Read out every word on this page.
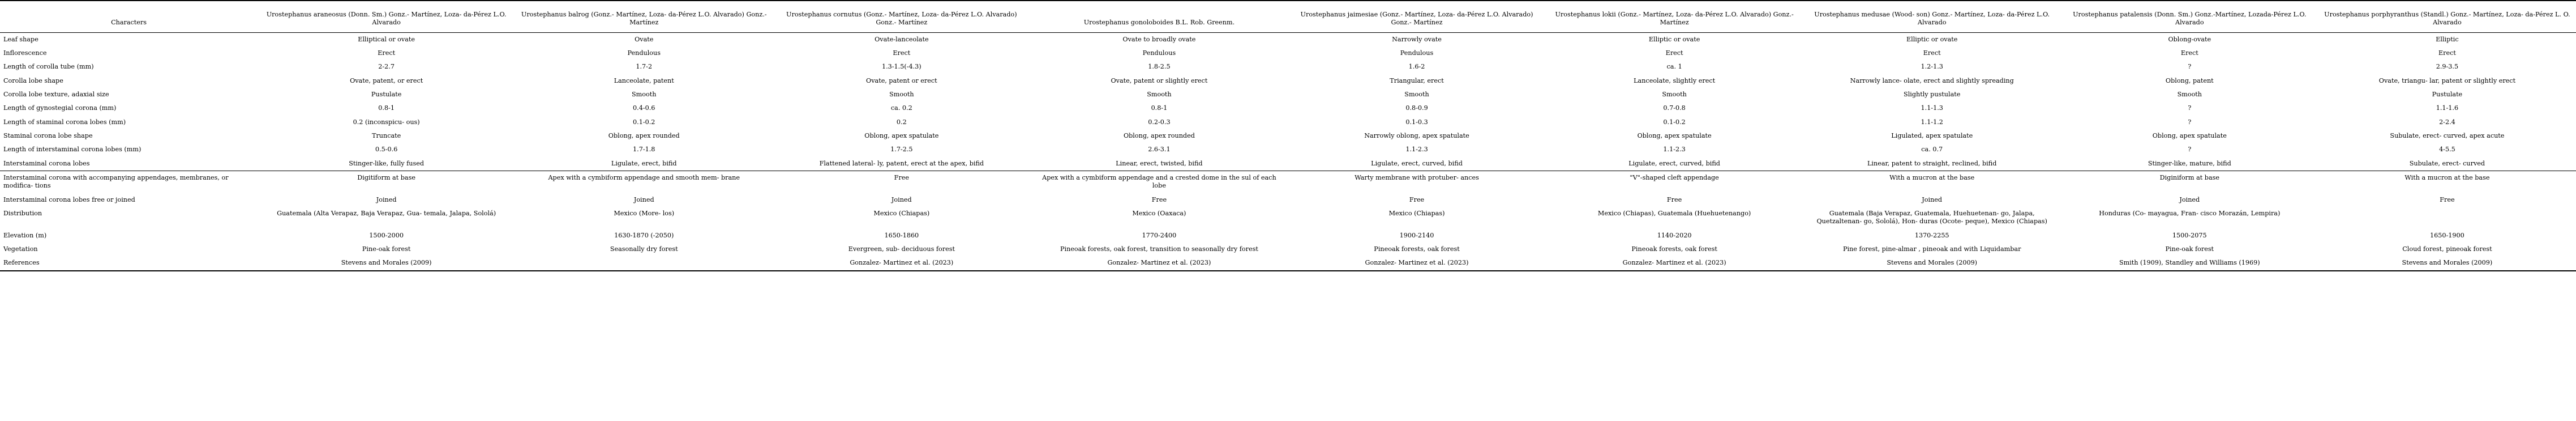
Characters	Urostephanus araneosus (Donn. Sm.) Gonz.- Martínez, Loza- da-Pérez L.O. Alvarado	Urostephanus balrog (Gonz.- Martínez, Loza- da-Pérez L.O. Alvarado) Gonz.- Martínez	Urostephanus cornutus (Gonz.- Martínez, Loza- da-Pérez L.O. Alvarado) Gonz.- Martínez	Urostephanus gonoloboides B.L. Rob. Greenm.	Urostephanus jaimesiae (Gonz.- Martínez, Loza- da-Pérez L.O. Alvarado) Gonz.- Martínez	Urostephanus lokii (Gonz.- Martínez, Loza- da-Pérez L.O. Alvarado) Gonz.- Martínez	Urostephanus medusae (Wood- son) Gonz.- Martínez, Loza- da-Pérez L.O. Alvarado	Urostephanus patalensis (Donn. Sm.) Gonz.-Martínez, Lozada-Pérez L.O. Alvarado	Urostephanus porphyranthus (Standl.) Gonz.- Martínez, Loza- da-Pérez L. O. Alvarado

Leaf shape	Elliptical or ovate	Ovate	Ovate-lanceolate	Ovate to broadly ovate	Narrowly ovate	Elliptic or ovate	Elliptic or ovate	Oblong-ovate	Elliptic
Inflorescence	Erect	Pendulous	Erect	Pendulous	Pendulous	Erect	Erect	Erect	Erect
Length of corolla tube (mm)	2-2.7	1.7-2	1.3-1.5(-4.3)	1.8-2.5	1.6-2	ca. 1	1.2-1.3	?	2.9-3.5
Corolla lobe shape	Ovate, patent, or erect	Lanceolate, patent	Ovate, patent or erect	Ovate, patent or slightly erect	Triangular, erect	Lanceolate, slightly erect	Narrowly lance- olate, erect and slightly spreading	Oblong, patent	Ovate, triangu- lar, patent or slightly erect
Corolla lobe texture, adaxial size	Pustulate	Smooth	Smooth	Smooth	Smooth	Smooth	Slightly pustulate	Smooth	Pustulate
Length of gynostegial corona (mm)	0.8-1	0.4-0.6	ca. 0.2	0.8-1	0.8-0.9	0.7-0.8	1.1-1.3	?	1.1-1.6
Length of staminal corona lobes (mm)	0.2 (inconspicu- ous)	0.1-0.2	0.2	0.2-0.3	0.1-0.3	0.1-0.2	1.1-1.2	?	2-2.4
Staminal corona lobe shape	Truncate	Oblong, apex rounded	Oblong, apex spatulate	Oblong, apex rounded	Narrowly oblong, apex spatulate	Oblong, apex spatulate	Ligulated, apex spatulate	Oblong, apex spatulate	Subulate, erect- curved, apex acute
Length of interstaminal corona lobes (mm)	0.5-0.6	1.7-1.8	1.7-2.5	2.6-3.1	1.1-2.3	1.1-2.3	ca. 0.7	?	4-5.5
Interstaminal corona lobes	Stinger-like, fully fused	Ligulate, erect, bifid	Flattened lateral- ly, patent, erect at the apex, bifid	Linear, erect, twisted, bifid	Ligulate, erect, curved, bifid	Ligulate, erect, curved, bifid	Linear, patent to straight, reclined, bifid	Stinger-like, mature, bifid	Subulate, erect- curved
Interstaminal corona with accompanying appendages, membranes, or modifica- tions	Digitiform at base	Apex with a cymbiform appendage and smooth mem- brane	Free	Apex with a cymbiform appendage and a crested dome in the sul of each lobe	Warty membrane with protuber- ances	"V"-shaped cleft appendage	With a mucron at the base	Diginiform at base	With a mucron at the base
Interstaminal corona lobes free or joined	Joined	Joined	Joined	Free	Free	Free	Joined	Joined	Free
Distribution	Guatemala (Alta Verapaz, Baja Verapaz, Gua- temala, Jalapa, Sololá)	Mexico (More- los)	Mexico (Chiapas)	Mexico (Oaxaca)	Mexico (Chiapas)	Mexico (Chiapas), Guatemala (Huehuetenango)	Guatemala (Baja Verapaz, Guatemala, Huehuetenan- go, Jalapa, Quetzaltenan- go, Sololá), Hon- duras (Ocote- peque), Mexico (Chiapas)	Honduras (Co- mayagua, Fran- cisco Morazán, Lempira)	
Elevation (m)	1500-2000	1630-1870 (-2050)	1650-1860	1770-2400	1900-2140	1140-2020	1370-2255	1500-2075	1650-1900
Vegetation	Pine-oak forest	Seasonally dry forest	Evergreen, sub- deciduous forest	Pineoak forests, oak forest, transition to seasonally dry forest	Pineoak forests, oak forest	Pineoak forests, oak forest	Pine forest, pine-almar , pineoak and with Liquidambar	Pine-oak forest	Cloud forest, pineoak forest
References	Stevens and Morales (2009)		Gonzalez- Martinez et al. (2023)	Gonzalez- Martinez et al. (2023)	Gonzalez- Martinez et al. (2023)	Gonzalez- Martinez et al. (2023)	Stevens and Morales (2009)	Smith (1909), Standley and Williams (1969)	Stevens and Morales (2009)
